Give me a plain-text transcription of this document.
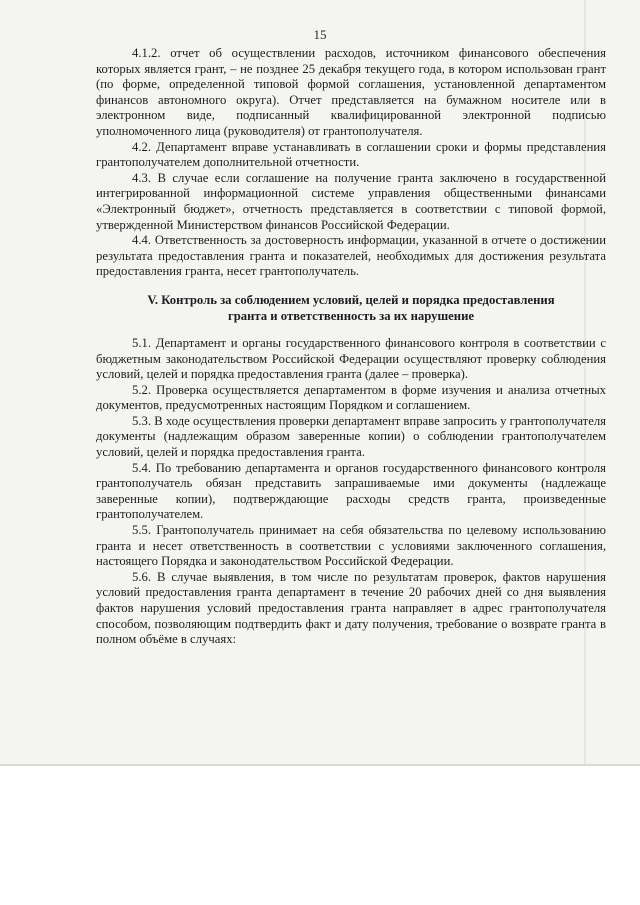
15

4.1.2. отчет об осуществлении расходов, источником финансового обеспечения которых является грант, – не позднее 25 декабря текущего года, в котором использован грант (по форме, определенной типовой формой соглашения, установленной департаментом финансов автономного округа). Отчет представляется на бумажном носителе или в электронном виде, подписанный квалифицированной электронной подписью уполномоченного лица (руководителя) от грантополучателя.

4.2. Департамент вправе устанавливать в соглашении сроки и формы представления грантополучателем дополнительной отчетности.

4.3. В случае если соглашение на получение гранта заключено в государственной интегрированной информационной системе управления общественными финансами «Электронный бюджет», отчетность представляется в соответствии с типовой формой, утвержденной Министерством финансов Российской Федерации.

4.4. Ответственность за достоверность информации, указанной в отчете о достижении результата предоставления гранта и показателей, необходимых для достижения результата предоставления гранта, несет грантополучатель.

V. Контроль за соблюдением условий, целей и порядка предоставления
гранта и ответственность за их нарушение

5.1. Департамент и органы государственного финансового контроля в соответствии с бюджетным законодательством Российской Федерации осуществляют проверку соблюдения условий, целей и порядка предоставления гранта (далее – проверка).

5.2. Проверка осуществляется департаментом в форме изучения и анализа отчетных документов, предусмотренных настоящим Порядком и соглашением.

5.3. В ходе осуществления проверки департамент вправе запросить у грантополучателя документы (надлежащим образом заверенные копии) о соблюдении грантополучателем условий, целей и порядка предоставления гранта.

5.4. По требованию департамента и органов государственного финансового контроля грантополучатель обязан представить запрашиваемые ими документы (надлежаще заверенные копии), подтверждающие расходы средств гранта, произведенные грантополучателем.

5.5. Грантополучатель принимает на себя обязательства по целевому использованию гранта и несет ответственность в соответствии с условиями заключенного соглашения, настоящего Порядка и законодательством Российской Федерации.

5.6. В случае выявления, в том числе по результатам проверок, фактов нарушения условий предоставления гранта департамент в течение 20 рабочих дней со дня выявления фактов нарушения условий предоставления гранта направляет в адрес грантополучателя способом, позволяющим подтвердить факт и дату получения, требование о возврате гранта в полном объёме в случаях:
